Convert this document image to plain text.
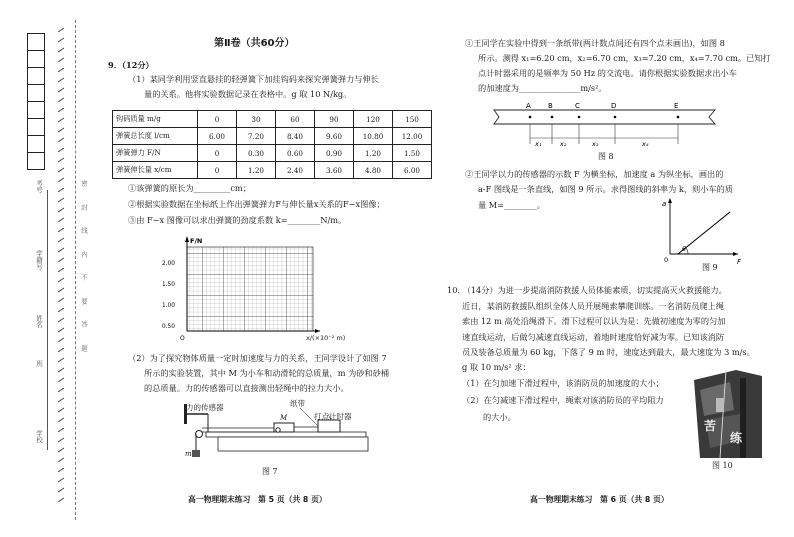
学校
班
姓名
学籍号
考号	密
封
线
内
不
要
答
题
第Ⅱ卷（共60分）
9．（12分）
（1）某同学利用竖直悬挂的轻弹簧下加挂钩码来探究弹簧弹力与伸长
量的关系。他将实验数据记录在表格中。g 取 10 N/kg。
钩码质量 m/g	0	30	60	90	120	150
弹簧总长度 l/cm	6.00	7.20	8.40	9.60	10.80	12.00
弹簧弹力 F/N	0	0.30	0.60	0.90	1.20	1.50
弹簧伸长量 x/cm	0	1.20	2.40	3.60	4.80	6.00
①该弹簧的原长为_________cm；
②根据实验数据在坐标纸上作出弹簧弹力F与伸长量x关系的F−x图像；
③由 F−x 图像可以求出弹簧的劲度系数 k=________N/m。
F/N
2.00
1.50
1.00
0.50
O	x/(×10⁻² m)
（2）为了探究物体质量一定时加速度与力的关系，王同学设计了如图 7
所示的实验装置，其中 M 为小车和动滑轮的总质量，m 为砂和砂桶
的总质量。力的传感器可以直接测出轻绳中的拉力大小。
力的传感器	纸带
打点计时器
M
m
图 7
高一物理期末练习　第 5 页（共 8 页）
①王同学在实验中得到一条纸带(两计数点间还有四个点未画出)，如图 8
所示。测得 x₁=6.20 cm，x₂=6.70 cm，x₃=7.20 cm，x₄=7.70 cm。已知打
点计时器采用的是频率为 50 Hz 的交流电。请你根据实验数据求出小车
的加速度为_______________m/s²。
A B	C	D	E
x₁	x₂	x₃	x₄
图 8
②王同学以力的传感器的示数 F 为横坐标，加速度 a 为纵坐标，画出的
a-F 图线是一条直线，如图 9 所示。求得图线的斜率为 k，则小车的质
量 M=________。	a
F
0
θ
图 9
10. （14分）为进一步提高消防救援人员体能素质，切实提高灭火救援能力。
近日，某消防救援队组织全体人员开展绳索攀爬训练。一名消防员爬上绳
索由 12 m 高处沿绳滑下。滑下过程可以认为是：先做初速度为零的匀加
速直线运动，后做匀减速直线运动，着地时速度恰好减为零。已知该消防
员及装备总质量为 60 kg，下落了 9 m 时，速度达到最大，最大速度为 3 m/s。
g 取 10 m/s² 求：
（1）在匀加速下滑过程中，该消防员的加速度的大小；
（2）在匀减速下滑过程中，绳索对该消防员的平均阻力
的大小。
苦
练
图 10
高一物理期末练习　第 6 页（共 8 页）
